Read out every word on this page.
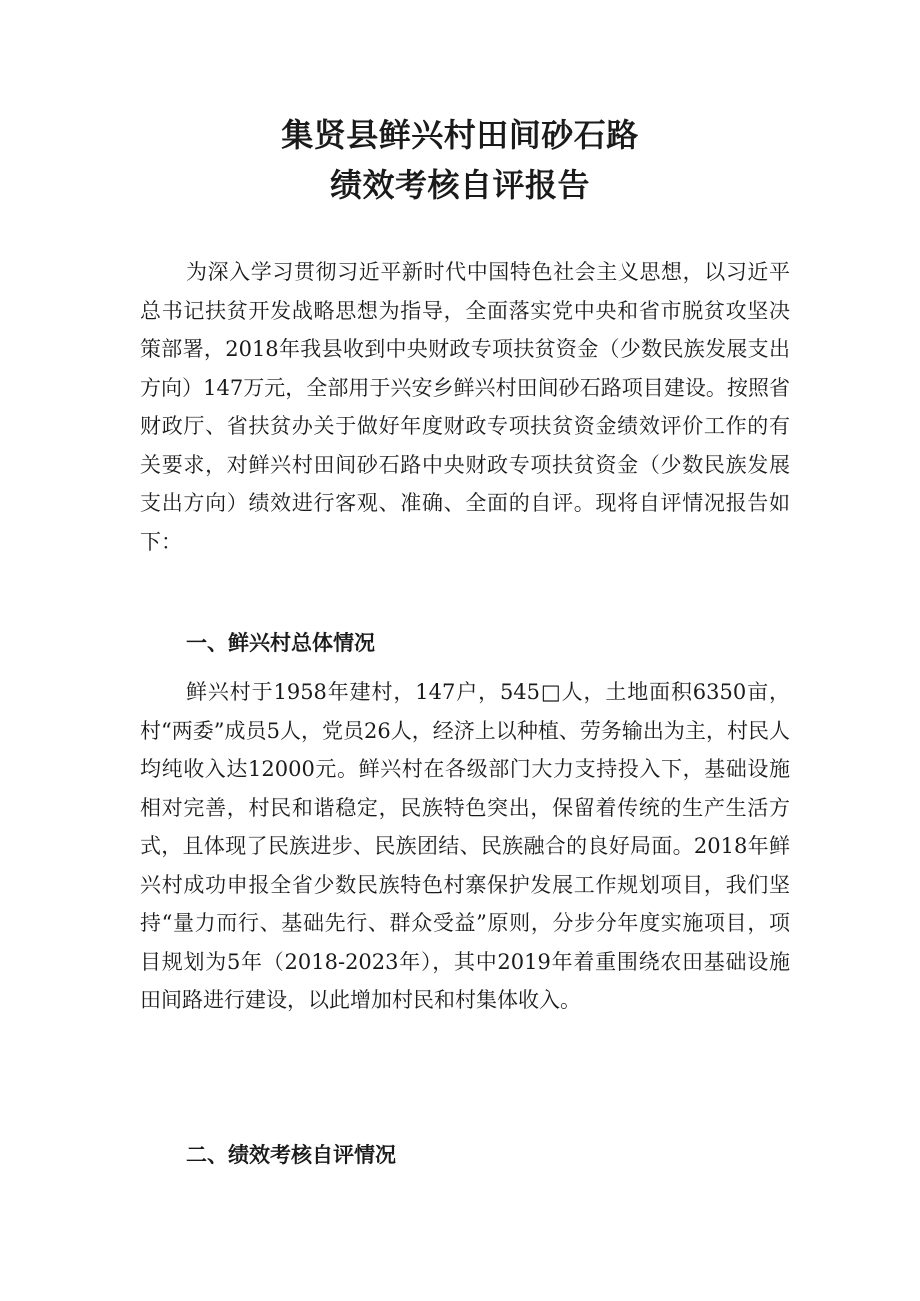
集贤县鲜兴村田间砂石路
绩效考核自评报告

为深入学习贯彻习近平新时代中国特色社会主义思想，以习近平总书记扶贫开发战略思想为指导，全面落实党中央和省市脱贫攻坚决策部署，2018年我县收到中央财政专项扶贫资金（少数民族发展支出方向）147万元，全部用于兴安乡鲜兴村田间砂石路项目建设。按照省财政厅、省扶贫办关于做好年度财政专项扶贫资金绩效评价工作的有关要求，对鲜兴村田间砂石路中央财政专项扶贫资金（少数民族发展支出方向）绩效进行客观、准确、全面的自评。现将自评情况报告如下：

一、鲜兴村总体情况

鲜兴村于1958年建村，147户，545□人，土地面积6350亩，村“两委”成员5人，党员26人，经济上以种植、劳务输出为主，村民人均纯收入达12000元。鲜兴村在各级部门大力支持投入下，基础设施相对完善，村民和谐稳定，民族特色突出，保留着传统的生产生活方式，且体现了民族进步、民族团结、民族融合的良好局面。2018年鲜兴村成功申报全省少数民族特色村寨保护发展工作规划项目，我们坚持“量力而行、基础先行、群众受益”原则，分步分年度实施项目，项目规划为5年（2018-2023年），其中2019年着重围绕农田基础设施田间路进行建设，以此增加村民和村集体收入。

二、绩效考核自评情况
